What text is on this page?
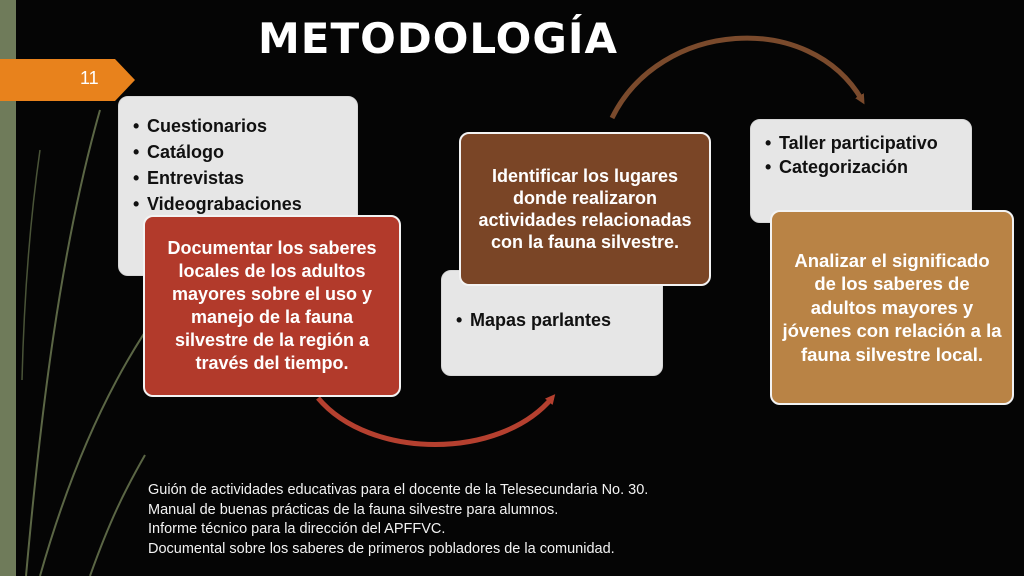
METODOLOGÍA
11
• Cuestionarios
• Catálogo
• Entrevistas
• Videograbaciones
Documentar los saberes locales de los adultos mayores sobre el uso y manejo de la fauna silvestre de la región a través del tiempo.
• Mapas parlantes
Identificar los lugares donde realizaron actividades relacionadas con la fauna silvestre.
• Taller participativo
• Categorización
Analizar el significado de los saberes de adultos mayores y jóvenes con relación a la fauna silvestre local.
Guión de actividades educativas para el docente de la Telesecundaria No. 30.
Manual de buenas prácticas de la fauna silvestre para alumnos.
Informe técnico para la dirección del APFFVC.
Documental sobre los saberes de primeros pobladores de la comunidad.
